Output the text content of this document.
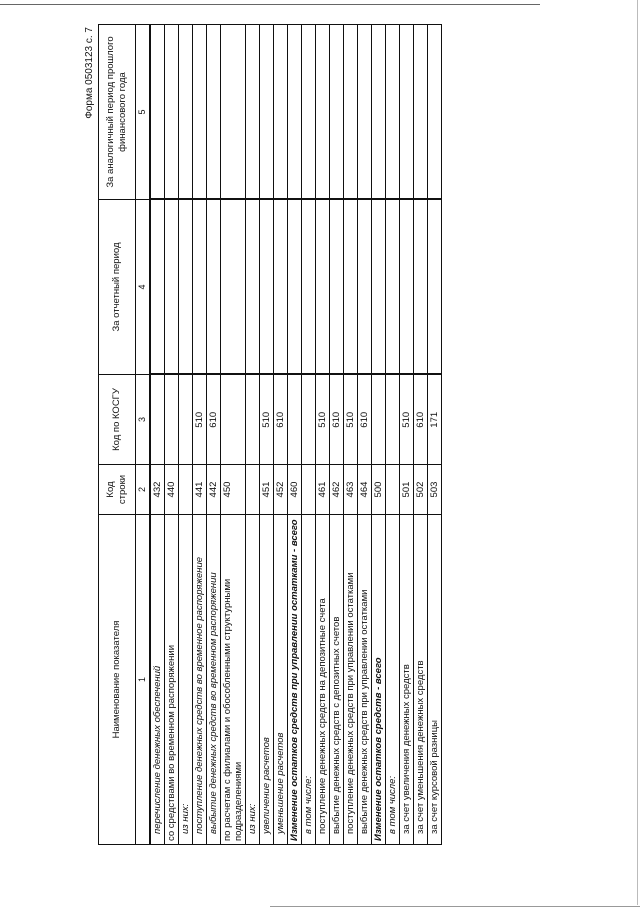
Форма 0503123 с. 7
Наименование показателя	Код строки	Код по КОСГУ	За отчетный период	За аналогичный период прошлого финансового года
1	2	3	4	5
перечисление денежных обеспечений	432			
со средствами во временном распоряжении	440			
из них:				
поступление денежных средств во временное распоряжение	441	510		
выбытие денежных средств во временном распоряжении	442	610		
по расчетам с филиалами и обособленными структурными подразделениями	450			
из них:				
увеличение расчетов	451	510		
уменьшение расчетов	452	610		
Изменение остатков средств при управлении остатками - всего	460			
в том числе:				
поступление денежных средств на депозитные счета	461	510		
выбытие денежных средств с депозитных счетов	462	610		
поступление денежных средств при управлении остатками	463	510		
выбытие денежных средств при управлении остатками	464	610		
Изменение остатков средств - всего	500			
в том числе:				
за счет увеличения денежных средств	501	510		
за счет уменьшения денежных средств	502	610		
за счет курсовой разницы	503	171		
